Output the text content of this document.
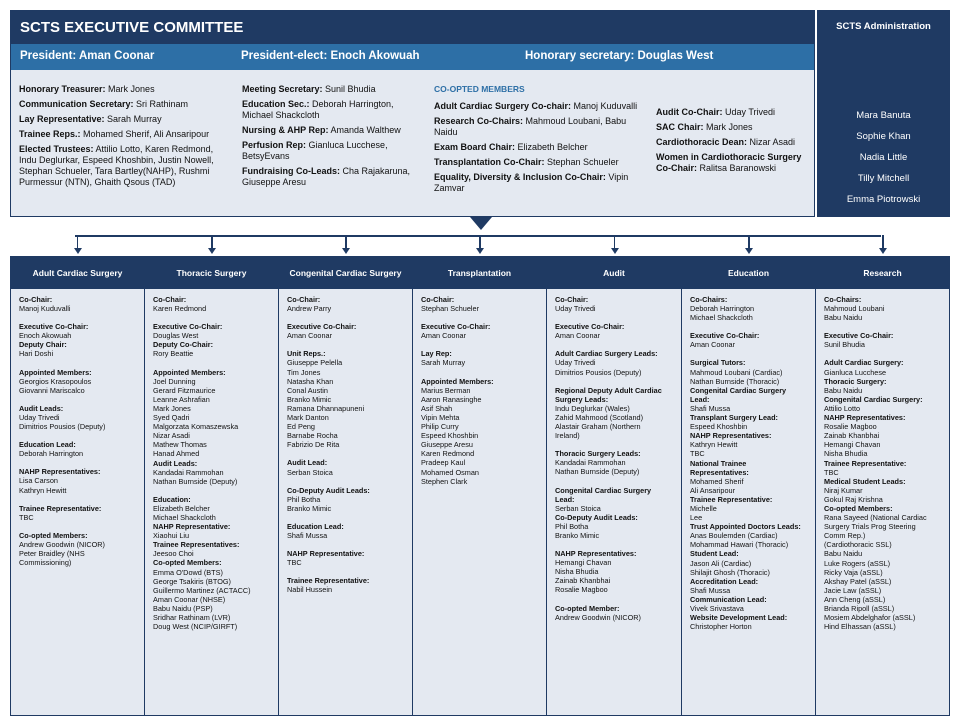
SCTS EXECUTIVE COMMITTEE
President: Aman Coonar	President-elect: Enoch Akowuah	Honorary secretary: Douglas West
Honorary Treasurer: Mark Jones
Communication Secretary: Sri Rathinam
Lay Representative: Sarah Murray
Trainee Reps.: Mohamed Sherif, Ali Ansaripour
Elected Trustees: Attilio Lotto, Karen Redmond, Indu Deglurkar, Espeed Khoshbin, Justin Nowell, Stephan Schueler, Tara Bartley(NAHP), Rushmi Purmessur (NTN), Ghaith Qsous (TAD)
Meeting Secretary: Sunil Bhudia
Education Sec.: Deborah Harrington, Michael Shackcloth
Nursing & AHP Rep: Amanda Walthew
Perfusion Rep: Gianluca Lucchese, BetsyEvans
Fundraising Co-Leads: Cha Rajakaruna, Giuseppe Aresu
CO-OPTED MEMBERS
Adult Cardiac Surgery Co-chair: Manoj Kuduvalli
Research Co-Chairs: Mahmoud Loubani, Babu Naidu
Exam Board Chair: Elizabeth Belcher
Transplantation Co-Chair: Stephan Schueler
Equality, Diversity & Inclusion Co-Chair: Vipin Zamvar
Audit Co-Chair: Uday Trivedi
SAC Chair: Mark Jones
Cardiothoracic Dean: Nizar Asadi
Women in Cardiothoracic Surgery Co-Chair: Ralitsa Baranowski
SCTS Administration
Mara Banuta
Sophie Khan
Nadia Little
Tilly Mitchell
Emma Piotrowski
Adult Cardiac Surgery
Co-Chair:
Manoj Kuduvalli
Executive Co-Chair:
Enoch Akowuah
Deputy Chair:
Hari Doshi
Appointed Members:
Georgios Krasopoulos
Giovanni Mariscalco
Audit Leads:
Uday Trivedi
Dimitrios Pousios (Deputy)
Education Lead:
Deborah Harrington
NAHP Representatives:
Lisa Carson
Kathryn Hewitt
Trainee Representative:
TBC
Co-opted Members:
Andrew Goodwin (NICOR)
Peter Braidley (NHS
Commissioning)
Thoracic Surgery
Co-Chair:
Karen Redmond
Executive Co-Chair:
Douglas West
Deputy Co-Chair:
Rory Beattie
Appointed Members:
Joel Dunning
Gerard Fitzmaurice
Leanne Ashrafian
Mark Jones
Syed Qadri
Malgorzata Komaszewska
Nizar Asadi
Mathew Thomas
Hanad Ahmed
Audit Leads:
Kandadai Rammohan
Nathan Burnside (Deputy)
Education:
Elizabeth Belcher
Michael Shackcloth
NAHP Representative:
Xiaohui Liu
Trainee Representatives:
Jeesoo Choi
Co-opted Members:
Emma O'Dowd (BTS)
George Tsakiris (BTOG)
Guillermo Martinez (ACTACC)
Aman Coonar (NHSE)
Babu Naidu (PSP)
Sridhar Rathinam (LVR)
Doug West (NCIP/GIRFT)
Congenital Cardiac Surgery
Co-Chair:
Andrew Parry
Executive Co-Chair:
Aman Coonar
Unit Reps.:
Giuseppe Pelella
Tim Jones
Natasha Khan
Conal Austin
Branko Mimic
Ramana Dhannapuneni
Mark Danton
Ed Peng
Barnabe Rocha
Fabrizio De Rita
Audit Lead:
Serban Stoica
Co-Deputy Audit Leads:
Phil Botha
Branko Mimic
Education Lead:
Shafi Mussa
NAHP Representative:
TBC
Trainee Representative:
Nabil Hussein
Transplantation
Co-Chair:
Stephan Schueler
Executive Co-Chair:
Aman Coonar
Lay Rep:
Sarah Murray
Appointed Members:
Marius Berman
Aaron Ranasinghe
Asif Shah
Vipin Mehta
Philip Curry
Espeed Khoshbin
Giuseppe Aresu
Karen Redmond
Pradeep Kaul
Mohamed Osman
Stephen Clark
Audit
Co-Chair:
Uday Trivedi
Executive Co-Chair:
Aman Coonar
Adult Cardiac Surgery Leads:
Uday Trivedi
Dimitrios Pousios (Deputy)
Regional Deputy Adult Cardiac
Surgery Leads:
Indu Deglurkar (Wales)
Zahid Mahmood (Scotland)
Alastair Graham (Northern
Ireland)
Thoracic Surgery Leads:
Kandadai Rammohan
Nathan Burnside (Deputy)
Congenital Cardiac Surgery
Lead:
Serban Stoica
Co-Deputy Audit Leads:
Phil Botha
Branko Mimic
NAHP Representatives:
Hemangi Chavan
Nisha Bhudia
Zainab Khanbhai
Rosalie Magboo
Co-opted Member:
Andrew Goodwin (NICOR)
Education
Co-Chairs:
Deborah Harrington
Michael Shackcloth
Executive Co-Chair:
Aman Coonar
Surgical Tutors:
Mahmoud Loubani (Cardiac)
Nathan Burnside (Thoracic)
Congenital Cardiac Surgery
Lead:
Shafi Mussa
Transplant Surgery Lead:
Espeed Khoshbin
NAHP Representatives:
Kathryn Hewitt
TBC
National Trainee
Representatives:
Mohamed Sherif
Ali Ansaripour
Trainee Representative:
Michelle
Lee
Trust Appointed Doctors Leads:
Anas Boulemden (Cardiac)
Mohammad Hawari (Thoracic)
Student Lead:
Jason Ali (Cardiac)
Shilajit Ghosh (Thoracic)
Accreditation Lead:
Shafi Mussa
Communication Lead:
Vivek Srivastava
Website Development Lead:
Christopher Horton
Research
Co-Chairs:
Mahmoud Loubani
Babu Naidu
Executive Co-Chair:
Sunil Bhudia
Adult Cardiac Surgery:
Gianluca Lucchese
Thoracic Surgery:
Babu Naidu
Congenital Cardiac Surgery:
Attilio Lotto
NAHP Representatives:
Rosalie Magboo
Zainab Khanbhai
Hemangi Chavan
Nisha Bhudia
Trainee Representative:
TBC
Medical Student Leads:
Niraj Kumar
Gokul Raj Krishna
Co-opted Members:
Rana Sayeed (National Cardiac
Surgery Trials Prog Steering
Comm Rep.)
(Cardiothoracic SSL)
Babu Naidu
Luke Rogers (aSSL)
Ricky Vaja (aSSL)
Akshay Patel (aSSL)
Jacie Law (aSSL)
Ann Cheng (aSSL)
Brianda Ripoll (aSSL)
Mosiem Abdelghafor (aSSL)
Hind Elhassan (aSSL)
